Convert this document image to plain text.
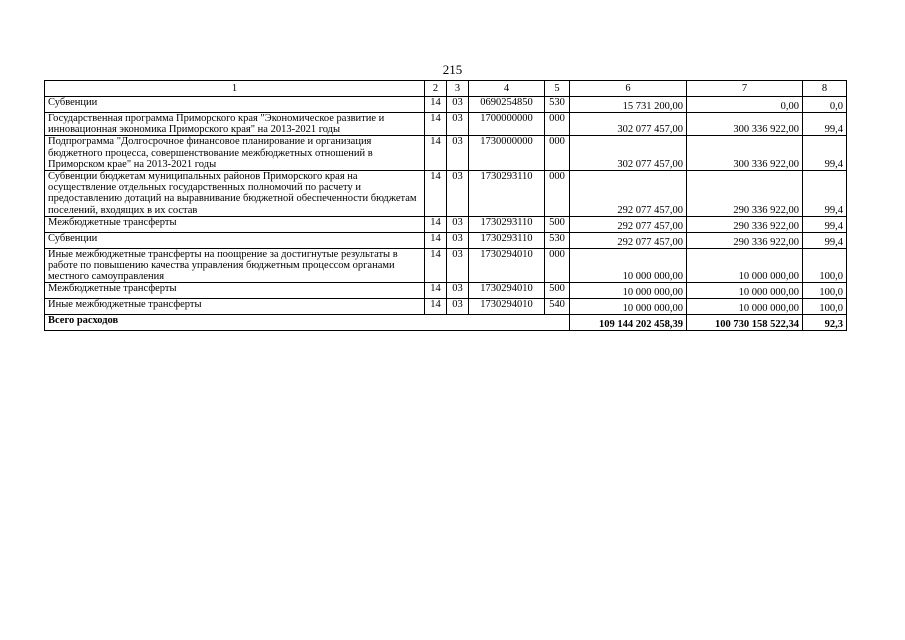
215
1	2	3	4	5	6	7	8
Субвенции	14	03	0690254850	530	15 731 200,00	0,00	0,0
Государственная программа Приморского края "Экономическое развитие и инновационная экономика Приморского края" на 2013-2021 годы	14	03	1700000000	000	302 077 457,00	300 336 922,00	99,4
Подпрограмма "Долгосрочное финансовое планирование и организация бюджетного процесса, совершенствование межбюджетных отношений в Приморском крае" на 2013-2021 годы	14	03	1730000000	000	302 077 457,00	300 336 922,00	99,4
Субвенции бюджетам муниципальных районов Приморского края на осуществление отдельных государственных полномочий по расчету и предоставлению дотаций на выравнивание бюджетной обеспеченности бюджетам поселений, входящих в их состав	14	03	1730293110	000	292 077 457,00	290 336 922,00	99,4
Межбюджетные трансферты	14	03	1730293110	500	292 077 457,00	290 336 922,00	99,4
Субвенции	14	03	1730293110	530	292 077 457,00	290 336 922,00	99,4
Иные межбюджетные трансферты на поощрение за достигнутые результаты в работе по повышению качества управления бюджетным процессом органами местного самоуправления	14	03	1730294010	000	10 000 000,00	10 000 000,00	100,0
Межбюджетные трансферты	14	03	1730294010	500	10 000 000,00	10 000 000,00	100,0
Иные межбюджетные трансферты	14	03	1730294010	540	10 000 000,00	10 000 000,00	100,0
Всего расходов					109 144 202 458,39	100 730 158 522,34	92,3
